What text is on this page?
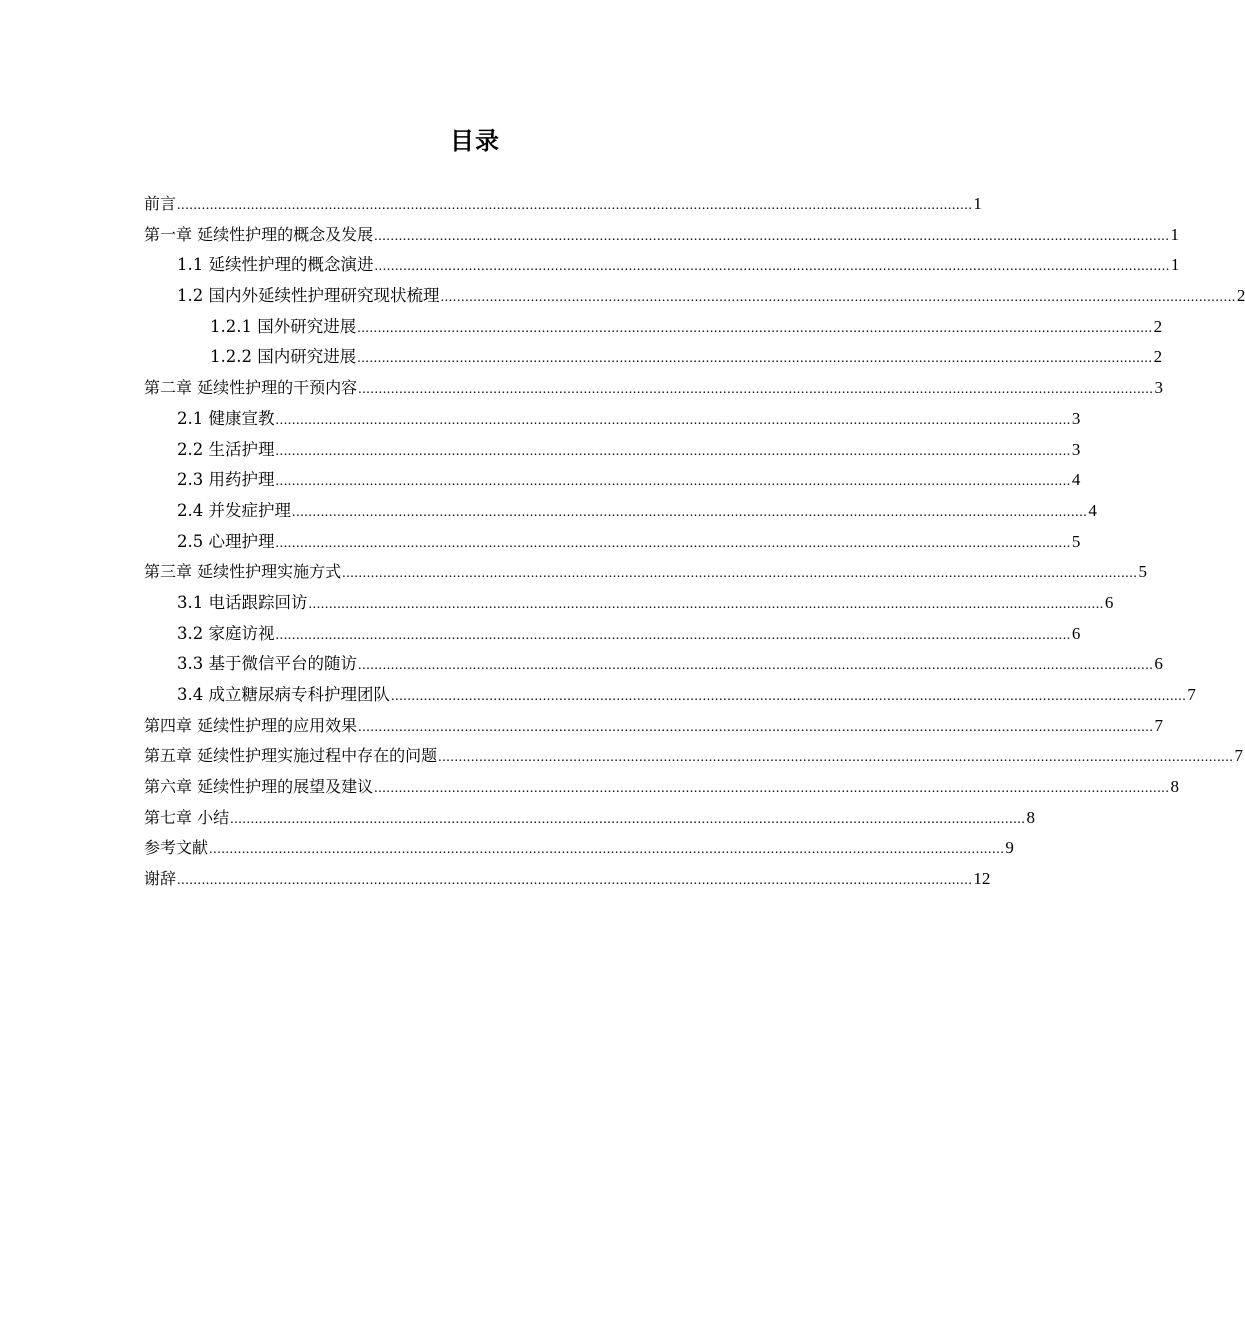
目录
前言 .................................................................................................................................................................................................. 1
第一章 延续性护理的概念及发展 .................................................................................................................................................................................................. 1
1.1 延续性护理的概念演进 .................................................................................................................................................................................................. 1
1.2 国内外延续性护理研究现状梳理 .................................................................................................................................................................................................. 2
1.2.1 国外研究进展 .................................................................................................................................................................................................. 2
1.2.2 国内研究进展 .................................................................................................................................................................................................. 2
第二章 延续性护理的干预内容 .................................................................................................................................................................................................. 3
2.1 健康宣教 .................................................................................................................................................................................................. 3
2.2 生活护理 .................................................................................................................................................................................................. 3
2.3 用药护理 .................................................................................................................................................................................................. 4
2.4 并发症护理 .................................................................................................................................................................................................. 4
2.5 心理护理 .................................................................................................................................................................................................. 5
第三章 延续性护理实施方式 .................................................................................................................................................................................................. 5
3.1 电话跟踪回访 .................................................................................................................................................................................................. 6
3.2 家庭访视 .................................................................................................................................................................................................. 6
3.3 基于微信平台的随访 .................................................................................................................................................................................................. 6
3.4 成立糖尿病专科护理团队 .................................................................................................................................................................................................. 7
第四章 延续性护理的应用效果 .................................................................................................................................................................................................. 7
第五章 延续性护理实施过程中存在的问题 .................................................................................................................................................................................................. 7
第六章 延续性护理的展望及建议 .................................................................................................................................................................................................. 8
第七章 小结 .................................................................................................................................................................................................. 8
参考文献 .................................................................................................................................................................................................. 9
谢辞 .................................................................................................................................................................................................. 12
